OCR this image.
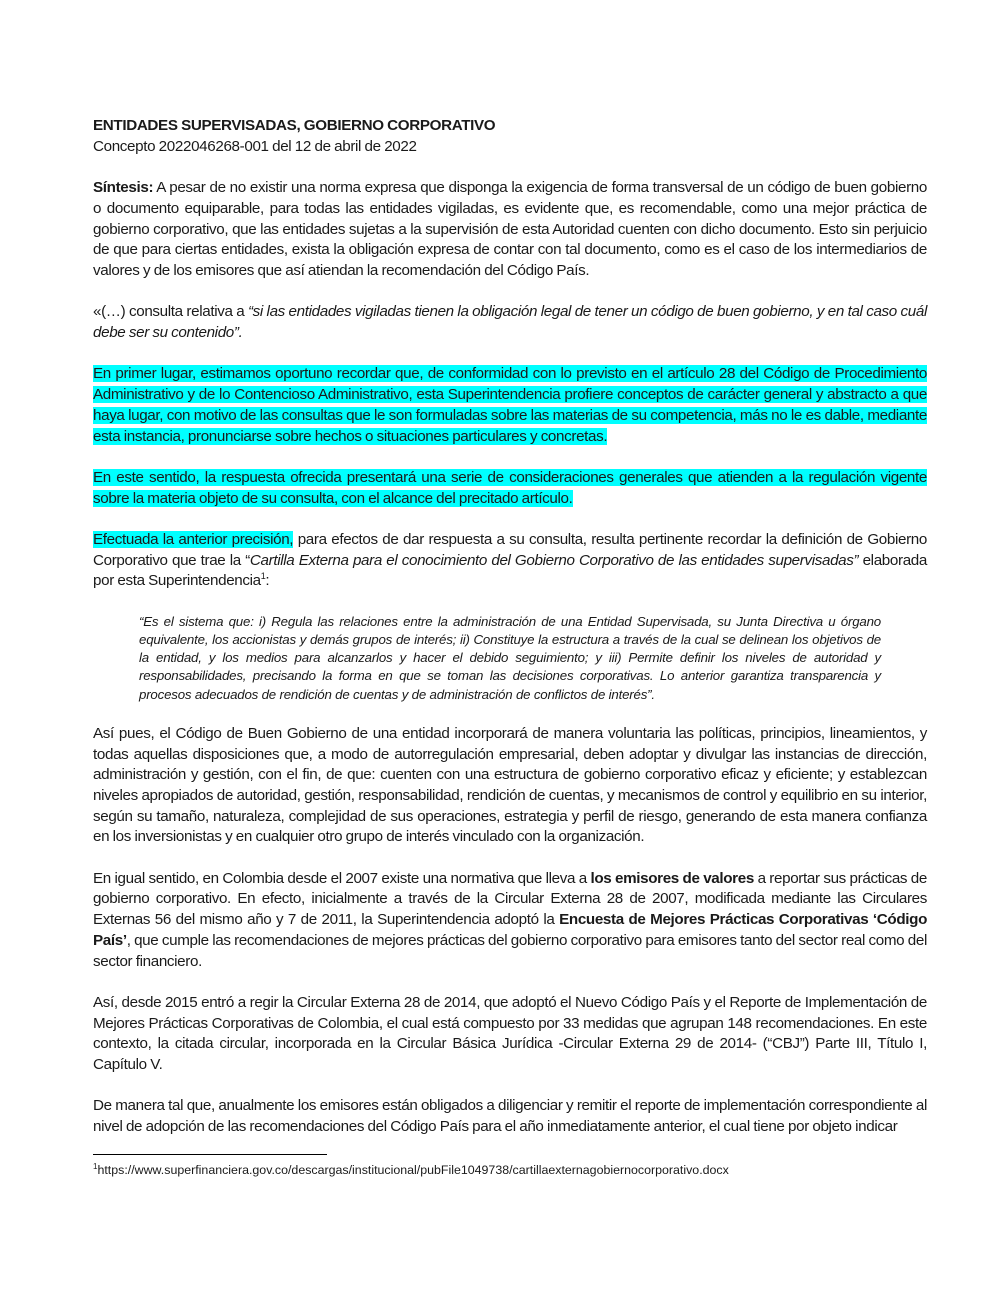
ENTIDADES SUPERVISADAS, GOBIERNO CORPORATIVO
Concepto 2022046268-001 del 12 de abril de 2022

Síntesis: A pesar de no existir una norma expresa que disponga la exigencia de forma transversal de un código de buen gobierno o documento equiparable, para todas las entidades vigiladas, es evidente que, es recomendable, como una mejor práctica de gobierno corporativo, que las entidades sujetas a la supervisión de esta Autoridad cuenten con dicho documento. Esto sin perjuicio de que para ciertas entidades, exista la obligación expresa de contar con tal documento, como es el caso de los intermediarios de valores y de los emisores que así atiendan la recomendación del Código País.

«(…) consulta relativa a “si las entidades vigiladas tienen la obligación legal de tener un código de buen gobierno, y en tal caso cuál debe ser su contenido”.

En primer lugar, estimamos oportuno recordar que, de conformidad con lo previsto en el artículo 28 del Código de Procedimiento Administrativo y de lo Contencioso Administrativo, esta Superintendencia profiere conceptos de carácter general y abstracto a que haya lugar, con motivo de las consultas que le son formuladas sobre las materias de su competencia, más no le es dable, mediante esta instancia, pronunciarse sobre hechos o situaciones particulares y concretas.

En este sentido, la respuesta ofrecida presentará una serie de consideraciones generales que atienden a la regulación vigente sobre la materia objeto de su consulta, con el alcance del precitado artículo.

Efectuada la anterior precisión, para efectos de dar respuesta a su consulta, resulta pertinente recordar la definición de Gobierno Corporativo que trae la “Cartilla Externa para el conocimiento del Gobierno Corporativo de las entidades supervisadas” elaborada por esta Superintendencia$^1$:

“Es el sistema que: i) Regula las relaciones entre la administración de una Entidad Supervisada, su Junta Directiva u órgano equivalente, los accionistas y demás grupos de interés; ii) Constituye la estructura a través de la cual se delinean los objetivos de la entidad, y los medios para alcanzarlos y hacer el debido seguimiento; y iii) Permite definir los niveles de autoridad y responsabilidades, precisando la forma en que se toman las decisiones corporativas. Lo anterior garantiza transparencia y procesos adecuados de rendición de cuentas y de administración de conflictos de interés”.

Así pues, el Código de Buen Gobierno de una entidad incorporará de manera voluntaria las políticas, principios, lineamientos, y todas aquellas disposiciones que, a modo de autorregulación empresarial, deben adoptar y divulgar las instancias de dirección, administración y gestión, con el fin, de que: cuenten con una estructura de gobierno corporativo eficaz y eficiente; y establezcan niveles apropiados de autoridad, gestión, responsabilidad, rendición de cuentas, y mecanismos de control y equilibrio en su interior, según su tamaño, naturaleza, complejidad de sus operaciones, estrategia y perfil de riesgo, generando de esta manera confianza en los inversionistas y en cualquier otro grupo de interés vinculado con la organización.

En igual sentido, en Colombia desde el 2007 existe una normativa que lleva a los emisores de valores a reportar sus prácticas de gobierno corporativo. En efecto, inicialmente a través de la Circular Externa 28 de 2007, modificada mediante las Circulares Externas 56 del mismo año y 7 de 2011, la Superintendencia adoptó la Encuesta de Mejores Prácticas Corporativas ‘Código País’, que cumple las recomendaciones de mejores prácticas del gobierno corporativo para emisores tanto del sector real como del sector financiero.

Así, desde 2015 entró a regir la Circular Externa 28 de 2014, que adoptó el Nuevo Código País y el Reporte de Implementación de Mejores Prácticas Corporativas de Colombia, el cual está compuesto por 33 medidas que agrupan 148 recomendaciones. En este contexto, la citada circular, incorporada en la Circular Básica Jurídica -Circular Externa 29 de 2014- (“CBJ”) Parte III, Título I, Capítulo V.

De manera tal que, anualmente los emisores están obligados a diligenciar y remitir el reporte de implementación correspondiente al nivel de adopción de las recomendaciones del Código País para el año inmediatamente anterior, el cual tiene por objeto indicar

$^1$https://www.superfinanciera.gov.co/descargas/institucional/pubFile1049738/cartillaexternagobiernocorporativo.docx
